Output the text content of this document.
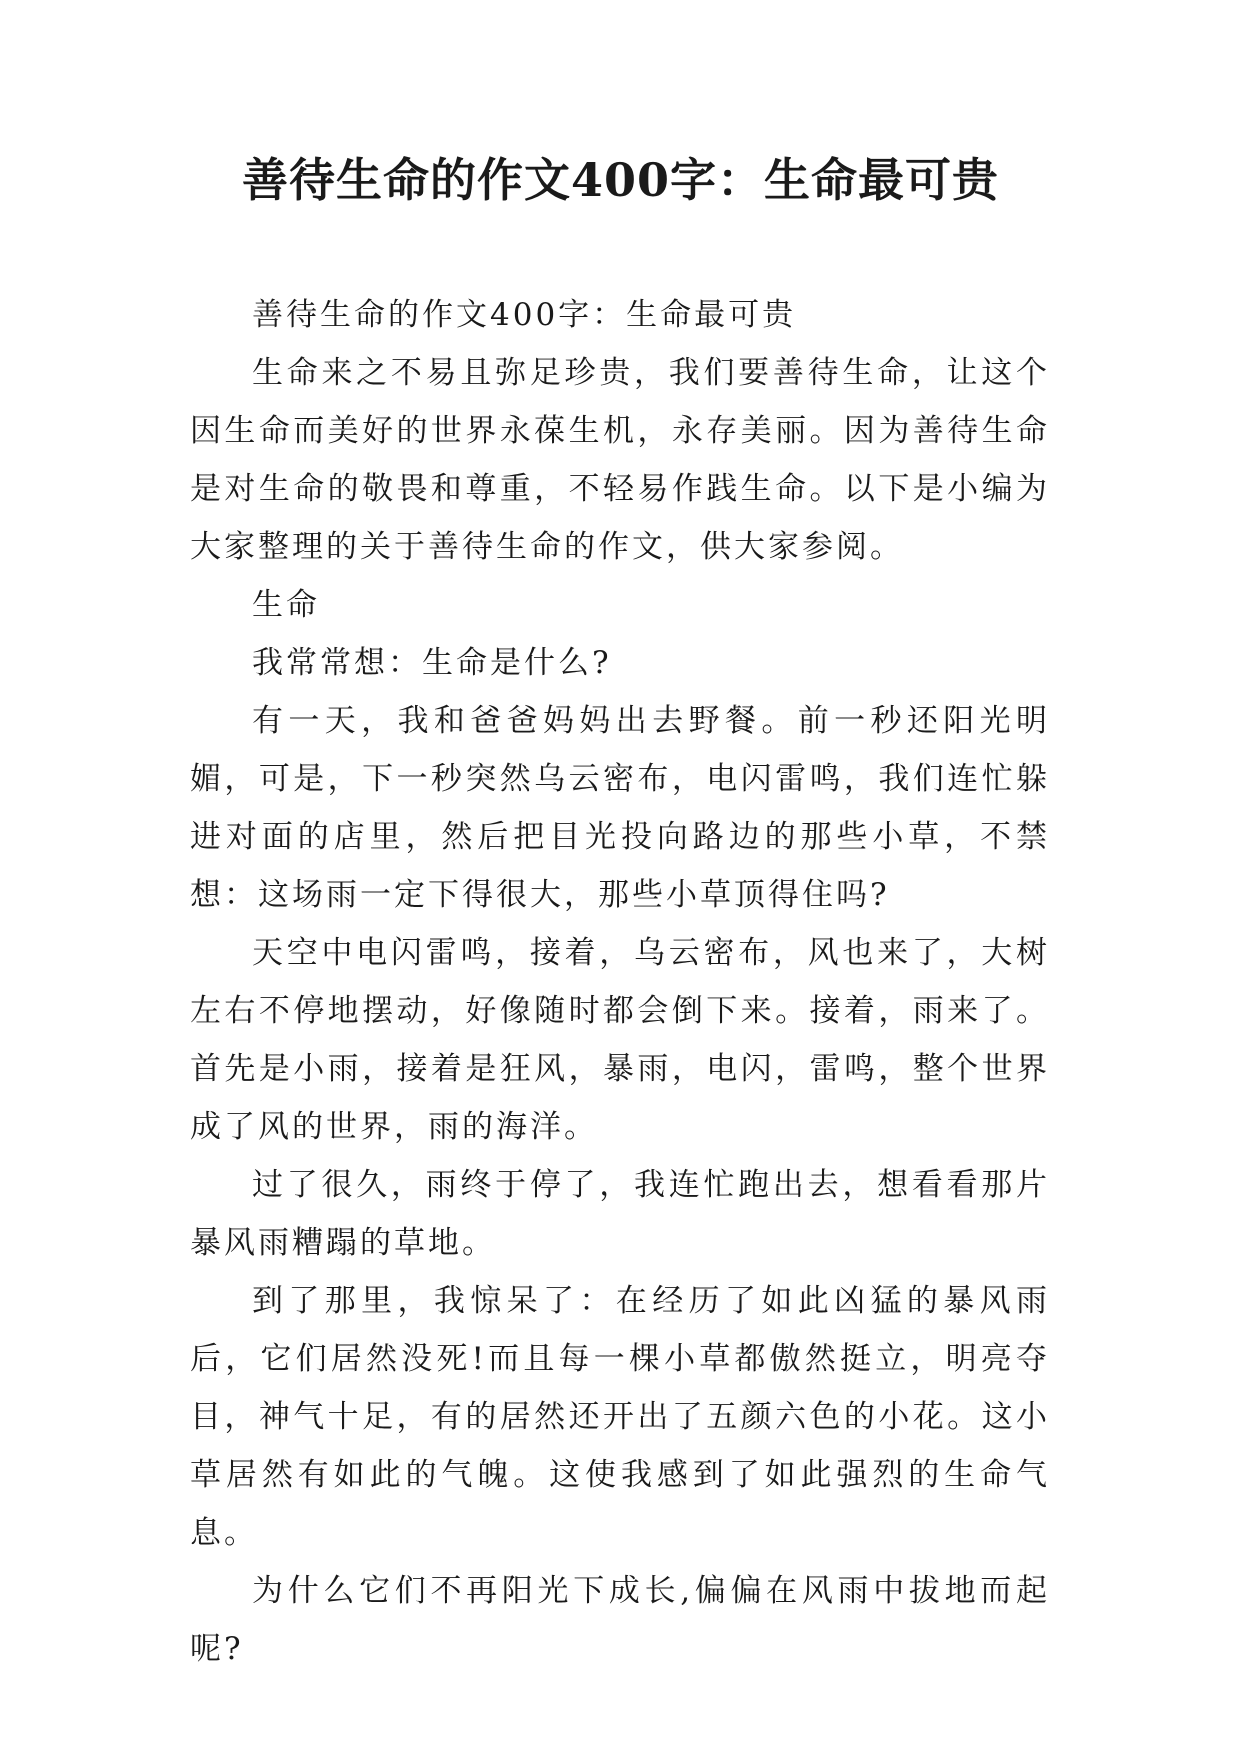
善待生命的作文400字：生命最可贵

善待生命的作文400字：生命最可贵

生命来之不易且弥足珍贵，我们要善待生命，让这个因生命而美好的世界永葆生机，永存美丽。因为善待生命是对生命的敬畏和尊重，不轻易作践生命。以下是小编为大家整理的关于善待生命的作文，供大家参阅。

生命

我常常想：生命是什么?

有一天，我和爸爸妈妈出去野餐。前一秒还阳光明媚，可是，下一秒突然乌云密布，电闪雷鸣，我们连忙躲进对面的店里，然后把目光投向路边的那些小草，不禁想：这场雨一定下得很大，那些小草顶得住吗?

天空中电闪雷鸣，接着，乌云密布，风也来了，大树左右不停地摆动，好像随时都会倒下来。接着，雨来了。首先是小雨，接着是狂风，暴雨，电闪，雷鸣，整个世界成了风的世界，雨的海洋。

过了很久，雨终于停了，我连忙跑出去，想看看那片暴风雨糟蹋的草地。

到了那里，我惊呆了：在经历了如此凶猛的暴风雨后，它们居然没死!而且每一棵小草都傲然挺立，明亮夺目，神气十足，有的居然还开出了五颜六色的小花。这小草居然有如此的气魄。这使我感到了如此强烈的生命气息。

为什么它们不再阳光下成长,偏偏在风雨中拔地而起呢?
